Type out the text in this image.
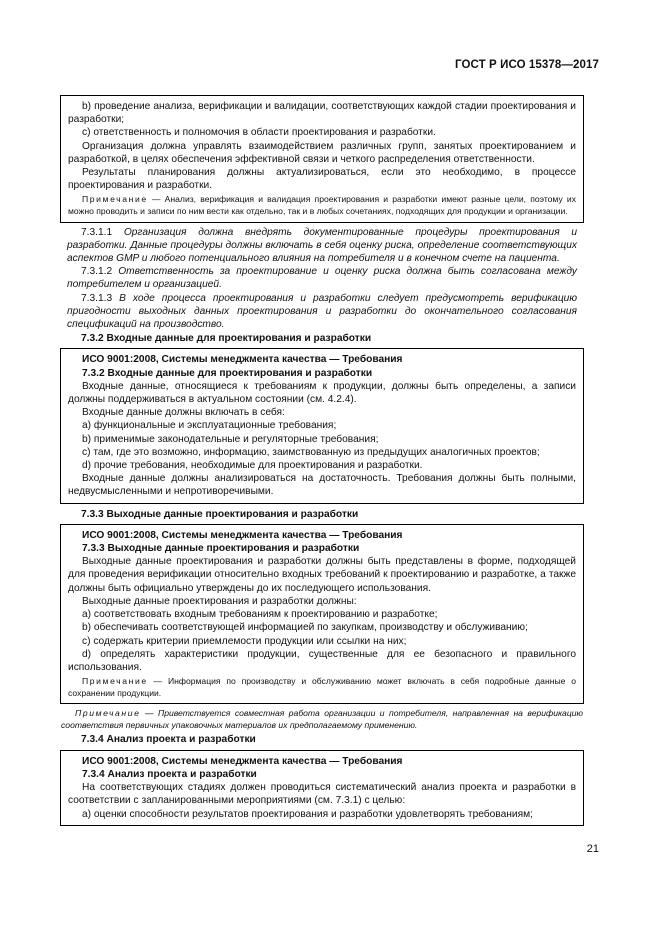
ГОСТ Р ИСО 15378—2017

b) проведение анализа, верификации и валидации, соответствующих каждой стадии проектирования и разработки;

c) ответственность и полномочия в области проектирования и разработки.

Организация должна управлять взаимодействием различных групп, занятых проектированием и разработкой, в целях обеспечения эффективной связи и четкого распределения ответственности.

Результаты планирования должны актуализироваться, если это необходимо, в процессе проектирования и разработки.

Примечание — Анализ, верификация и валидация проектирования и разработки имеют разные цели, поэтому их можно проводить и записи по ним вести как отдельно, так и в любых сочетаниях, подходящих для продукции и организации.

7.3.1.1 Организация должна внедрять документированные процедуры проектирования и разработки. Данные процедуры должны включать в себя оценку риска, определение соответствующих аспектов GMP и любого потенциального влияния на потребителя и в конечном счете на пациента.

7.3.1.2 Ответственность за проектирование и оценку риска должна быть согласована между потребителем и организацией.

7.3.1.3 В ходе процесса проектирования и разработки следует предусмотреть верификацию пригодности выходных данных проектирования и разработки до окончательного согласования спецификаций на производство.

7.3.2 Входные данные для проектирования и разработки

ИСО 9001:2008, Системы менеджмента качества — Требования

7.3.2 Входные данные для проектирования и разработки

Входные данные, относящиеся к требованиям к продукции, должны быть определены, а записи должны поддерживаться в актуальном состоянии (см. 4.2.4).

Входные данные должны включать в себя:

a) функциональные и эксплуатационные требования;

b) применимые законодательные и регуляторные требования;

c) там, где это возможно, информацию, заимствованную из предыдущих аналогичных проектов;

d) прочие требования, необходимые для проектирования и разработки.

Входные данные должны анализироваться на достаточность. Требования должны быть полными, недвусмысленными и непротиворечивыми.

7.3.3 Выходные данные проектирования и разработки

ИСО 9001:2008, Системы менеджмента качества — Требования

7.3.3 Выходные данные проектирования и разработки

Выходные данные проектирования и разработки должны быть представлены в форме, подходящей для проведения верификации относительно входных требований к проектированию и разработке, а также должны быть официально утверждены до их последующего использования.

Выходные данные проектирования и разработки должны:

a) соответствовать входным требованиям к проектированию и разработке;

b) обеспечивать соответствующей информацией по закупкам, производству и обслуживанию;

c) содержать критерии приемлемости продукции или ссылки на них;

d) определять характеристики продукции, существенные для ее безопасного и правильного использования.

Примечание — Информация по производству и обслуживанию может включать в себя подробные данные о сохранении продукции.

Примечание — Приветствуется совместная работа организации и потребителя, направленная на верификацию соответствия первичных упаковочных материалов их предполагаемому применению.

7.3.4 Анализ проекта и разработки

ИСО 9001:2008, Системы менеджмента качества — Требования

7.3.4 Анализ проекта и разработки

На соответствующих стадиях должен проводиться систематический анализ проекта и разработки в соответствии с запланированными мероприятиями (см. 7.3.1) с целью:

a) оценки способности результатов проектирования и разработки удовлетворять требованиям;

21
